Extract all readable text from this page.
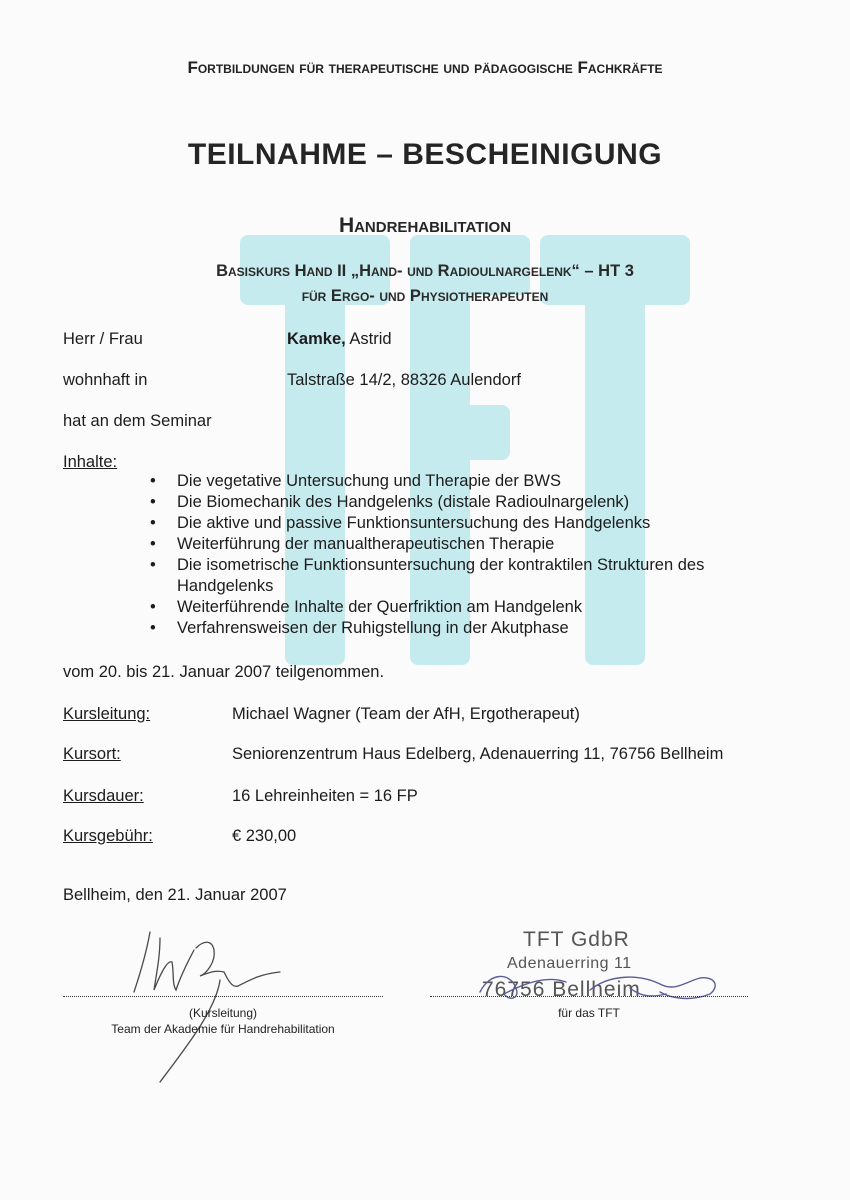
Fortbildungen für therapeutische und pädagogische Fachkräfte
TEILNAHME – BESCHEINIGUNG
Handrehabilitation
Basiskurs Hand II „Hand- und Radioulnargelenk“ – HT 3
für Ergo- und Physiotherapeuten
Herr / Frau	Kamke, Astrid
wohnhaft in	Talstraße 14/2, 88326 Aulendorf
hat an dem Seminar
Inhalte:
• Die vegetative Untersuchung und Therapie der BWS
• Die Biomechanik des Handgelenks (distale Radioulnargelenk)
• Die aktive und passive Funktionsuntersuchung des Handgelenks
• Weiterführung der manualtherapeutischen Therapie
• Die isometrische Funktionsuntersuchung der kontraktilen Strukturen des Handgelenks
• Weiterführende Inhalte der Querfriktion am Handgelenk
• Verfahrensweisen der Ruhigstellung in der Akutphase
vom 20. bis 21. Januar 2007 teilgenommen.
Kursleitung:	Michael Wagner (Team der AfH, Ergotherapeut)
Kursort:	Seniorenzentrum Haus Edelberg, Adenauerring 11, 76756 Bellheim
Kursdauer:	16 Lehreinheiten = 16 FP
Kursgebühr:	€ 230,00
Bellheim, den 21. Januar 2007
(Kursleitung)
Team der Akademie für Handrehabilitation
TFT GdbR
Adenauerring 11
76756 Bellheim
für das TFT
